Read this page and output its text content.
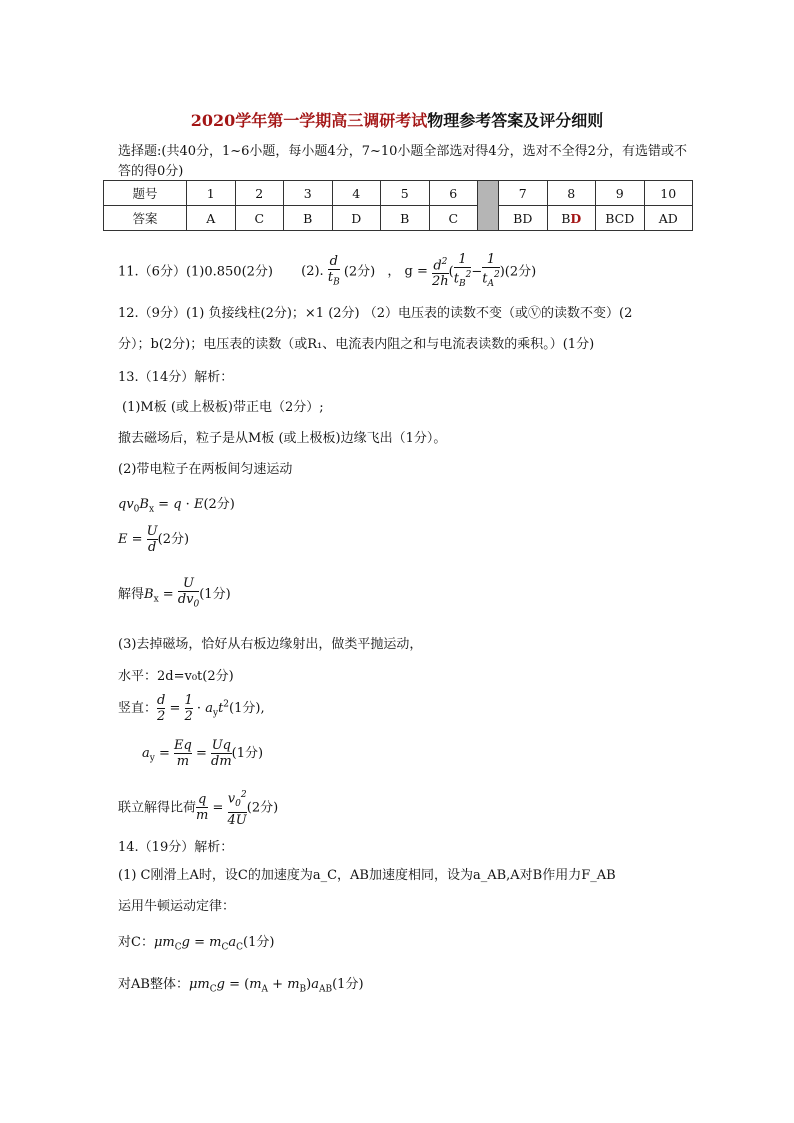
2020学年第一学期高三调研考试物理参考答案及评分细则
选择题:(共40分，1~6小题，每小题4分，7~10小题全部选对得4分，选对不全得2分，有选错或不答的得0分)
题号	1	2	3	4	5	6		7	8	9	10
答案	A	C	B	D	B	C		BD	BD	BCD	AD
11.（6分）(1)0.850(2分) (2). $\frac{d}{t_B} (2$分) ， $g = \frac{d^2}{2h}$ ( $\frac{1}{t_B^2} - \frac{1}{t_A^2} )(2$分)
12.（9分）(1) 负接线柱(2分)；×1 (2分) （2）电压表的读数不变（或Ⓥ的读数不变）(2
分）；b(2分)；电压表的读数（或R₁、电流表内阻之和与电流表读数的乘积。）(1分)
13.（14分）解析：
(1)M板 (或上极板)带正电（2分）;
撤去磁场后，粒子是从M板 (或上极板)边缘飞出（1分）。
(2)带电粒子在两板间匀速运动
$qv_0B_x = q \cdot E(2$分)
$E = \frac{U}{d} (2$分)
解得$B_x = \frac{U}{dv_0} (1$分)
(3)去掉磁场，恰好从右板边缘射出，做类平抛运动，
水平：2d=v₀t(2分)
竖直： $\frac{d}{2} = \frac{1}{2} \cdot a_yt^2(1$分),
$a_y = \frac{Eq}{m} = \frac{Uq}{dm} (1$分)
联立解得比荷 $\frac{q}{m} = \frac{v_0^2}{4U} (2$分)
14.（19分）解析：
(1) C刚滑上A时，设C的加速度为a_C，AB加速度相同，设为a_AB,A对B作用力F_AB
运用牛顿运动定律：
对C：$\mu m_Cg = m_Ca_C(1$分)
对AB整体：$\mu m_Cg = (m_A + m_B)a_{AB}(1$分)
